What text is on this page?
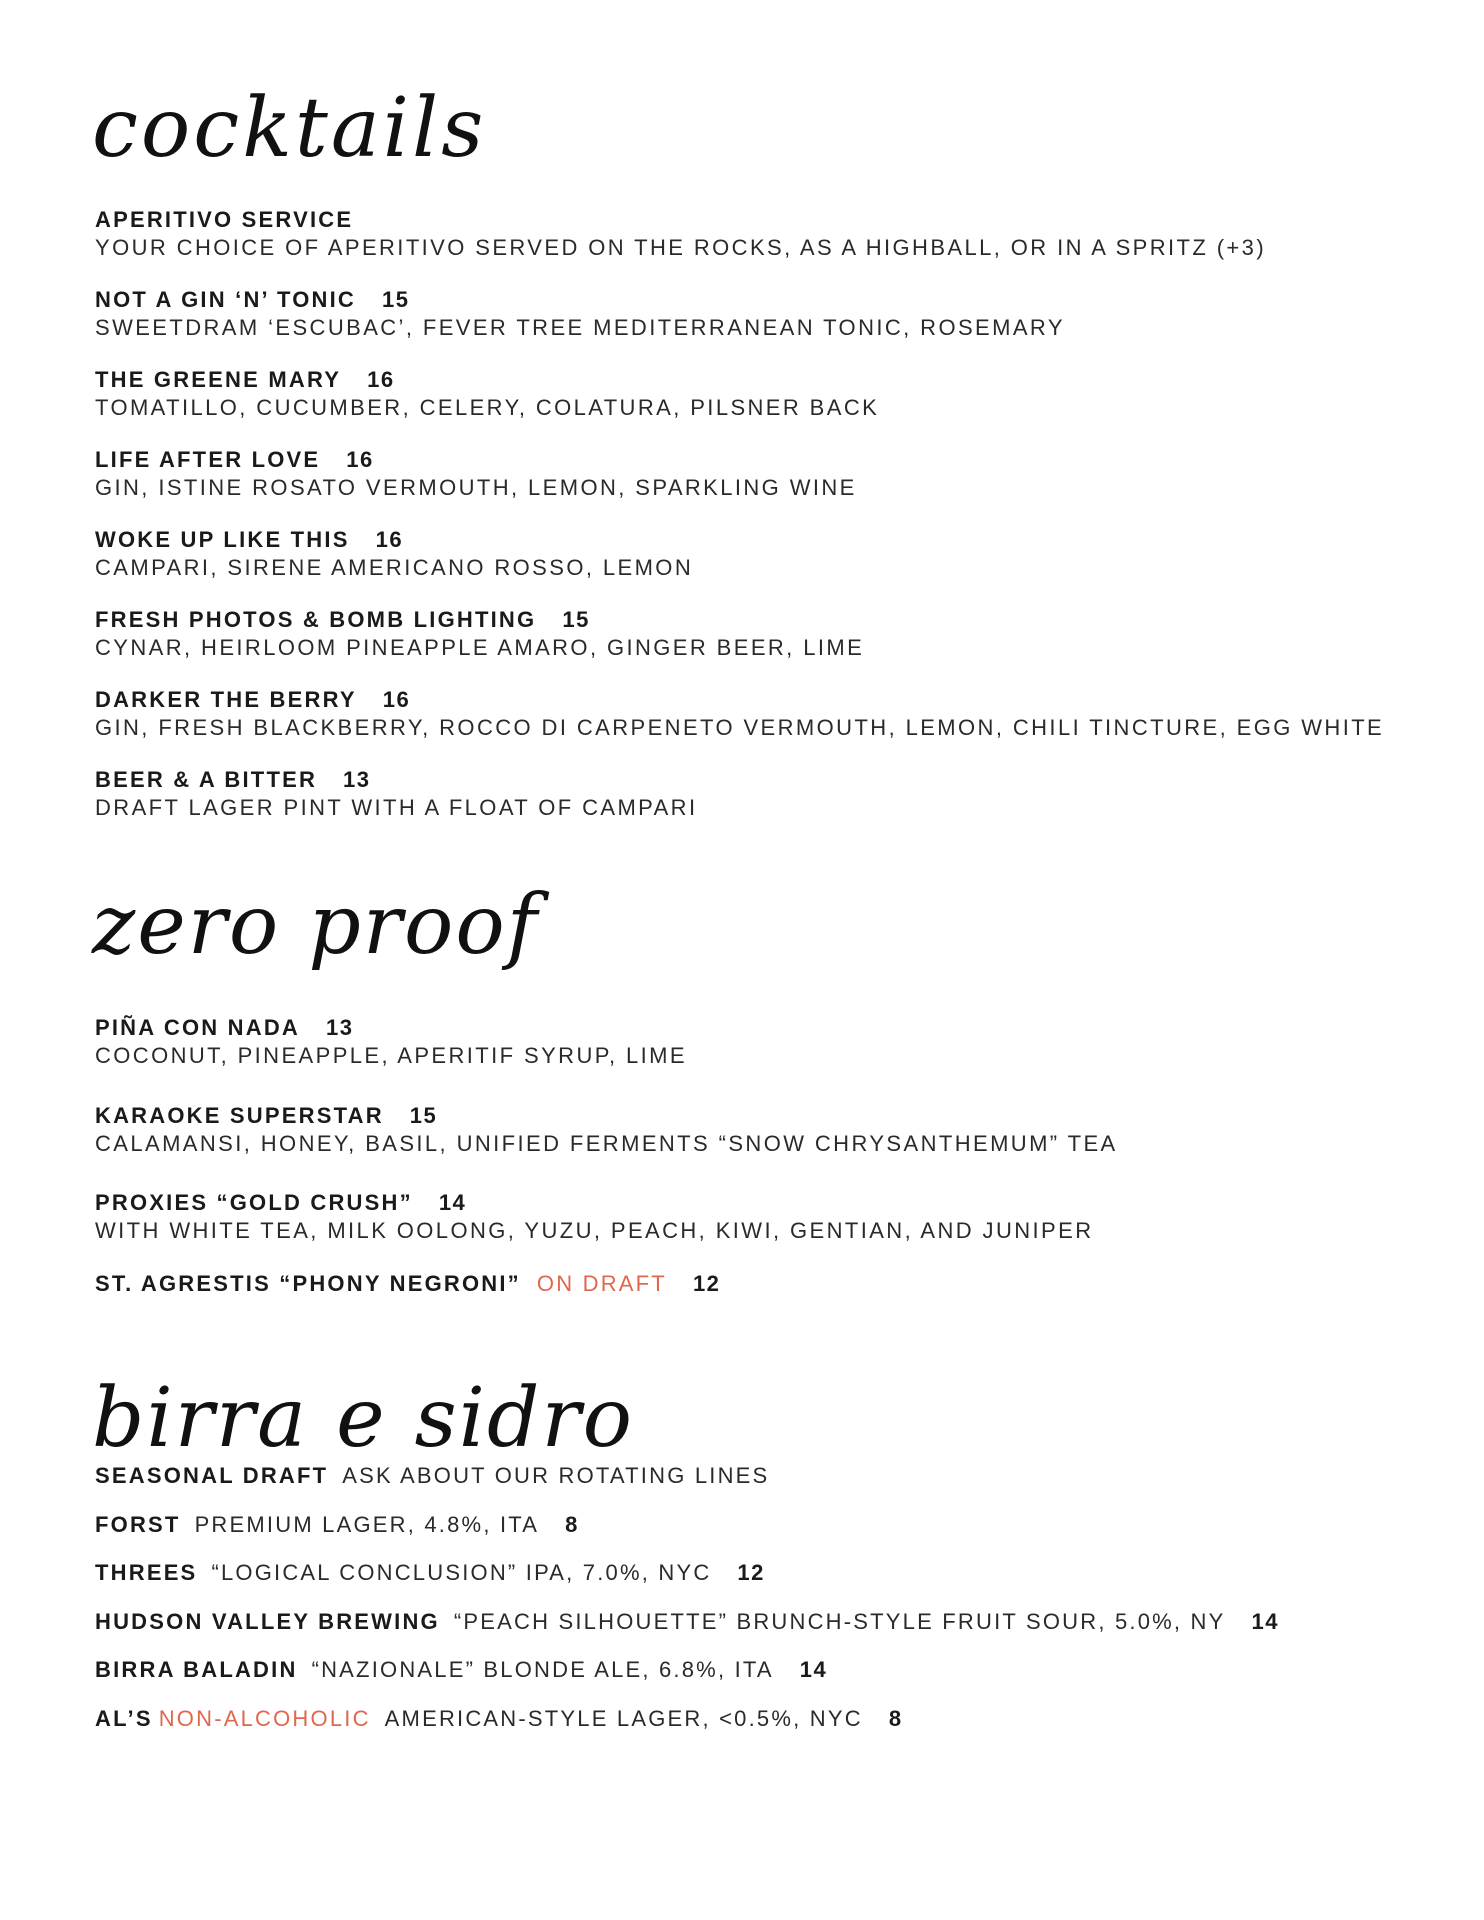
cocktails
APERITIVO SERVICE
YOUR CHOICE OF APERITIVO SERVED ON THE ROCKS, AS A HIGHBALL, OR IN A SPRITZ (+3)
NOT A GIN ‘N’ TONIC 15
SWEETDRAM ‘ESCUBAC’, FEVER TREE MEDITERRANEAN TONIC, ROSEMARY
THE GREENE MARY 16
TOMATILLO, CUCUMBER, CELERY, COLATURA, PILSNER BACK
LIFE AFTER LOVE 16
GIN, ISTINE ROSATO VERMOUTH, LEMON, SPARKLING WINE
WOKE UP LIKE THIS 16
CAMPARI, SIRENE AMERICANO ROSSO, LEMON
FRESH PHOTOS & BOMB LIGHTING 15
CYNAR, HEIRLOOM PINEAPPLE AMARO, GINGER BEER, LIME
DARKER THE BERRY 16
GIN, FRESH BLACKBERRY, ROCCO DI CARPENETO VERMOUTH, LEMON, CHILI TINCTURE, EGG WHITE
BEER & A BITTER 13
DRAFT LAGER PINT WITH A FLOAT OF CAMPARI
zero proof
PIÑA CON NADA 13
COCONUT, PINEAPPLE, APERITIF SYRUP, LIME
KARAOKE SUPERSTAR 15
CALAMANSI, HONEY, BASIL, UNIFIED FERMENTS “SNOW CHRYSANTHEMUM” TEA
PROXIES “GOLD CRUSH” 14
WITH WHITE TEA, MILK OOLONG, YUZU, PEACH, KIWI, GENTIAN, AND JUNIPER
ST. AGRESTIS “PHONY NEGRONI” ON DRAFT 12
birra e sidro
SEASONAL DRAFT ASK ABOUT OUR ROTATING LINES
FORST PREMIUM LAGER, 4.8%, ITA 8
THREES “LOGICAL CONCLUSION” IPA, 7.0%, NYC 12
HUDSON VALLEY BREWING “PEACH SILHOUETTE” BRUNCH-STYLE FRUIT SOUR, 5.0%, NY 14
BIRRA BALADIN “NAZIONALE” BLONDE ALE, 6.8%, ITA 14
AL’S NON-ALCOHOLIC AMERICAN-STYLE LAGER, <0.5%, NYC 8
